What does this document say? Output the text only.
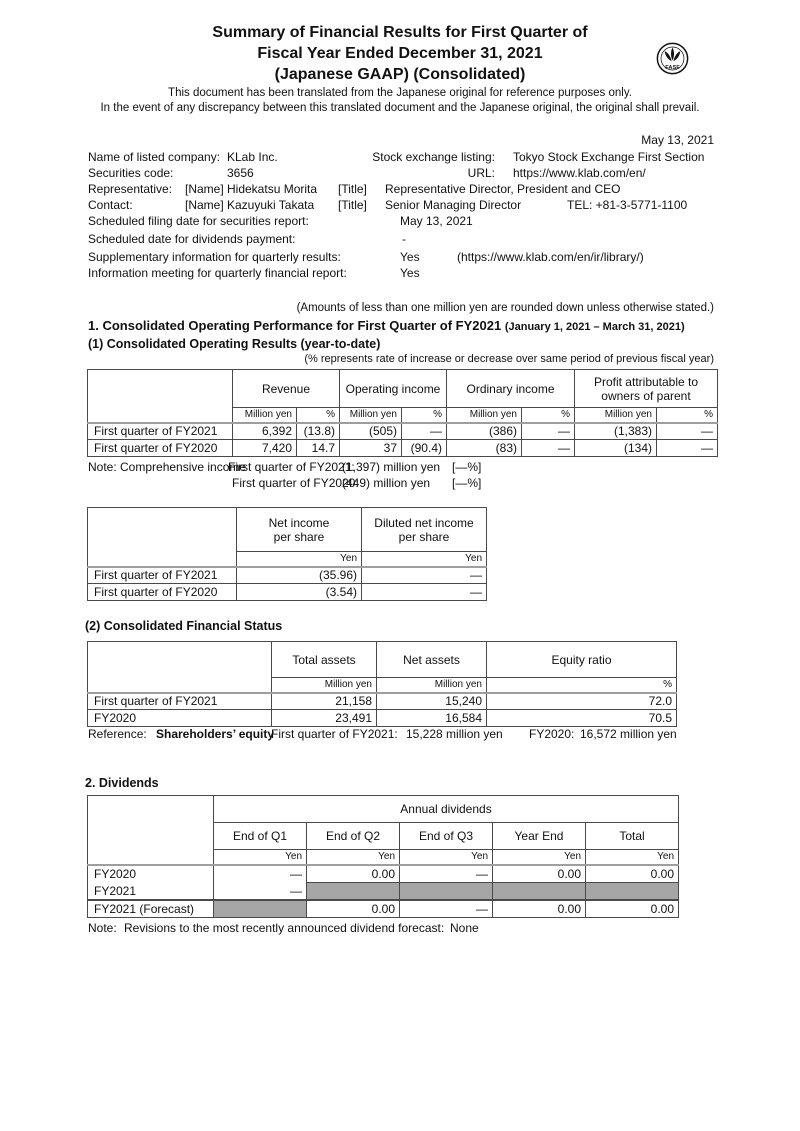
Summary of Financial Results for First Quarter of
Fiscal Year Ended December 31, 2021
(Japanese GAAP) (Consolidated)	FASF
This document has been translated from the Japanese original for reference purposes only.
In the event of any discrepancy between this translated document and the Japanese original, the original shall prevail.
May 13, 2021
Name of listed company: KLab Inc.	Stock exchange listing: Tokyo Stock Exchange First Section
Securities code:	3656	URL: https://www.klab.com/en/
Representative: [Name] Hidekatsu Morita [Title] Representative Director, President and CEO
Contact:	[Name] Kazuyuki Takata [Title] Senior Managing Director	TEL: +81-3-5771-1100
Scheduled filing date for securities report:	May 13, 2021
Scheduled date for dividends payment:	-
Supplementary information for quarterly results:	Yes	(https://www.klab.com/en/ir/library/)
Information meeting for quarterly financial report:	Yes
(Amounts of less than one million yen are rounded down unless otherwise stated.)
1. Consolidated Operating Performance for First Quarter of FY2021 (January 1, 2021 – March 31, 2021)
(1) Consolidated Operating Results (year-to-date)
(% represents rate of increase or decrease over same period of previous fiscal year)
	Revenue		Operating income		Ordinary income		Profit attributable to owners of parent	
	Million yen	%	Million yen	%	Million yen	%	Million yen	%
First quarter of FY2021	6,392	(13.8)	(505)	—	(386)	—	(1,383)	—
First quarter of FY2020	7,420	14.7	37	(90.4)	(83)	—	(134)	—
Note: Comprehensive income
First quarter of FY2021:
(1,397) million yen [—%]
First quarter of FY2020:
(449) million yen [—%]

Net income
per share

Diluted net income
per share

	Yen	Yen
First quarter of FY2021	(35.96)	—
First quarter of FY2020	(3.54)	—
(2) Consolidated Financial Status
	Total assets	Net assets	Equity ratio
	Million yen	Million yen	%
First quarter of FY2021	21,158	15,240	72.0
FY2020	23,491	16,584	70.5
Reference: Shareholders’ equity
First quarter of FY2021: 15,228 million yen FY2020: 16,572 million yen
2. Dividends
	Annual dividends				
	End of Q1	End of Q2	End of Q3	Year End	Total
	Yen	Yen	Yen	Yen	Yen
FY2020	—	0.00	—	0.00	0.00
FY2021	—				
FY2021 (Forecast)		0.00	—	0.00	0.00
Note: Revisions to the most recently announced dividend forecast: None
